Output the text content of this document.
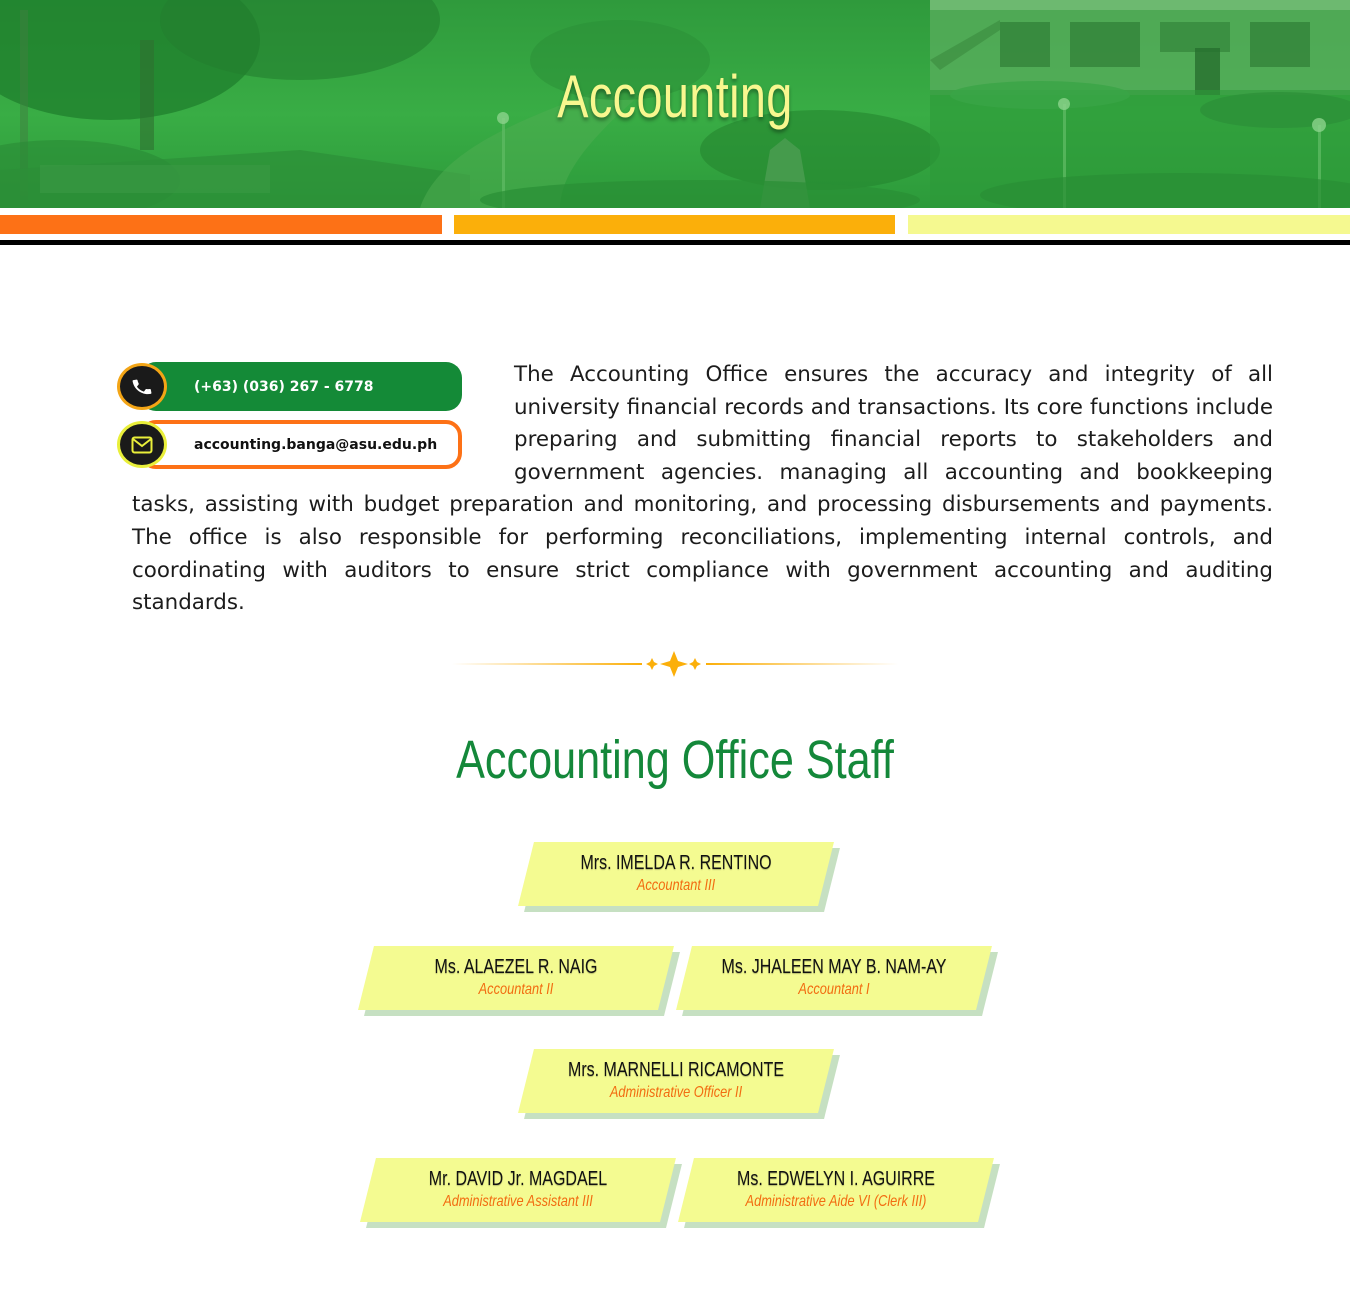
Accounting
(+63) (036) 267 - 6778
accounting.banga@asu.edu.ph

The Accounting Office ensures the accuracy and integrity of all university financial records and transactions. Its core functions include preparing and submitting financial reports to stakeholders and government agencies. managing all accounting and bookkeeping tasks, assisting with budget preparation and monitoring, and processing disbursements and payments. The office is also responsible for performing reconciliations, implementing internal controls, and coordinating with auditors to ensure strict compliance with government accounting and auditing standards.

Accounting Office Staff
Mrs. IMELDA R. RENTINO
Accountant III
Ms. ALAEZEL R. NAIG
Accountant II
Ms. JHALEEN MAY B. NAM-AY
Accountant I
Mrs. MARNELLI RICAMONTE
Administrative Officer II
Mr. DAVID Jr. MAGDAEL
Administrative Assistant III
Ms. EDWELYN I. AGUIRRE
Administrative Aide VI (Clerk III)
